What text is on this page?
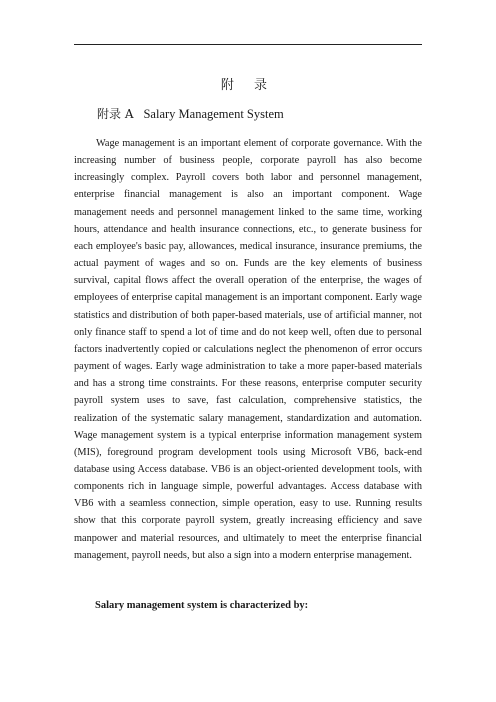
附 录
附录 A Salary Management System

Wage management is an important element of corporate governance. With the increasing number of business people, corporate payroll has also become increasingly complex. Payroll covers both labor and personnel management, enterprise financial management is also an important component. Wage management needs and personnel management linked to the same time, working hours, attendance and health insurance connections, etc., to generate business for each employee's basic pay, allowances, medical insurance, insurance premiums, the actual payment of wages and so on. Funds are the key elements of business survival, capital flows affect the overall operation of the enterprise, the wages of employees of enterprise capital management is an important component. Early wage statistics and distribution of both paper-based materials, use of artificial manner, not only finance staff to spend a lot of time and do not keep well, often due to personal factors inadvertently copied or calculations neglect the phenomenon of error occurs payment of wages. Early wage administration to take a more paper-based materials and has a strong time constraints. For these reasons, enterprise computer security payroll system uses to save, fast calculation, comprehensive statistics, the realization of the systematic salary management, standardization and automation. Wage management system is a typical enterprise information management system (MIS), foreground program development tools using Microsoft VB6, back-end database using Access database. VB6 is an object-oriented development tools, with components rich in language simple, powerful advantages. Access database with VB6 with a seamless connection, simple operation, easy to use. Running results show that this corporate payroll system, greatly increasing efficiency and save manpower and material resources, and ultimately to meet the enterprise financial management, payroll needs, but also a sign into a modern enterprise management.

Salary management system is characterized by:
